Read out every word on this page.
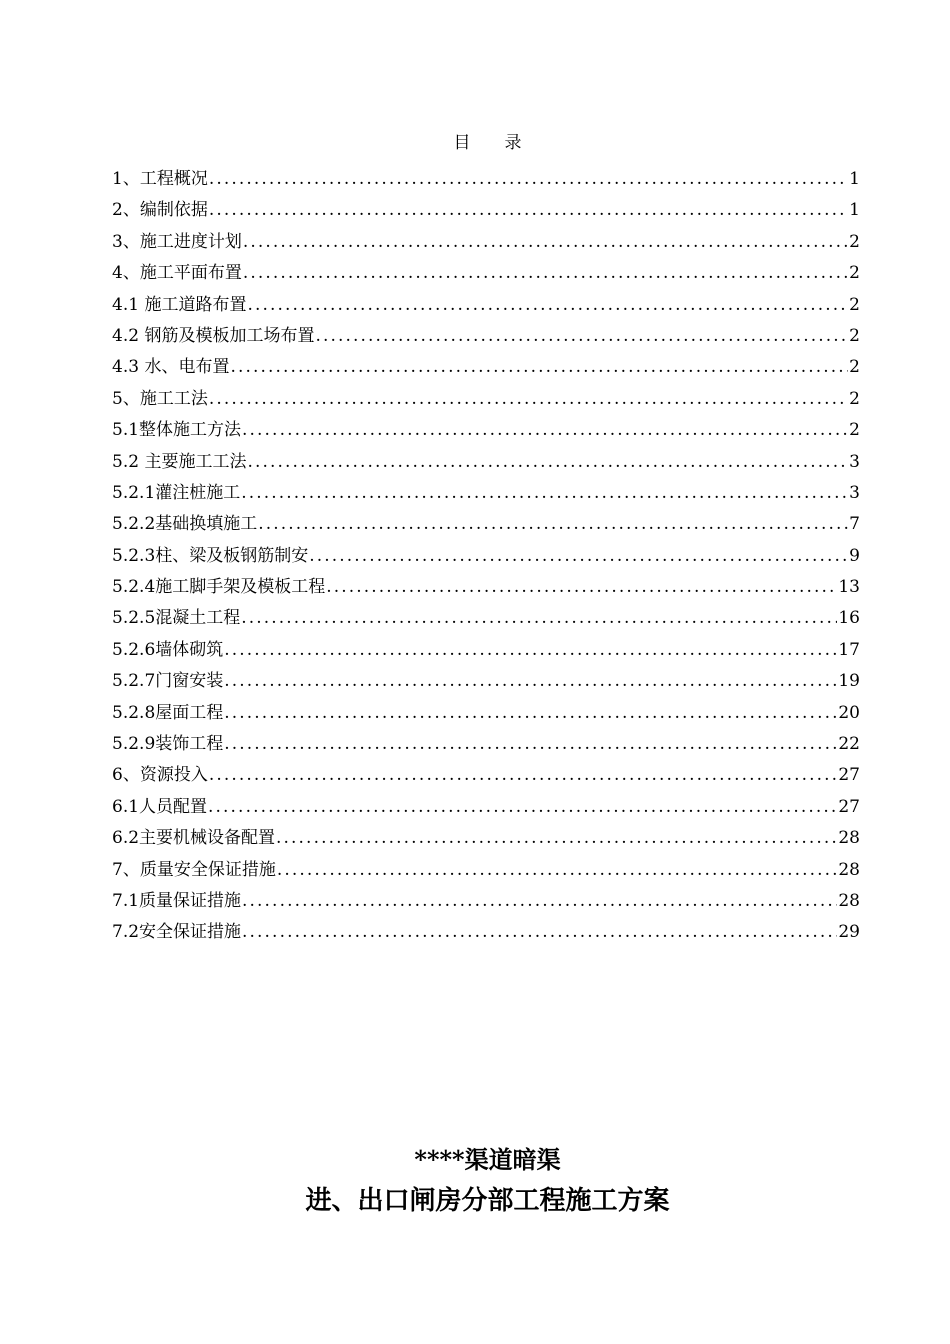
目 录
1、工程概况 .....	1
2、编制依据 .....	1
3、施工进度计划 .....	2
4、施工平面布置 .....	2
4.1 施工道路布置 .....	2
4.2 钢筋及模板加工场布置 .....	2
4.3 水、电布置 .....	2
5、施工工法 .....	2
5.1整体施工方法 .....	2
5.2 主要施工工法 .....	3
5.2.1灌注桩施工 .....	3
5.2.2基础换填施工 .....	7
5.2.3柱、梁及板钢筋制安 .....	9
5.2.4施工脚手架及模板工程 .....	13
5.2.5混凝土工程 .....	16
5.2.6墙体砌筑 .....	17
5.2.7门窗安装 .....	19
5.2.8屋面工程 .....	20
5.2.9装饰工程 .....	22
6、资源投入 .....	27
6.1人员配置 .....	27
6.2主要机械设备配置 .....	28
7、质量安全保证措施 .....	28
7.1质量保证措施 .....	28
7.2安全保证措施 .....	29
****渠道暗渠
进、出口闸房分部工程施工方案
